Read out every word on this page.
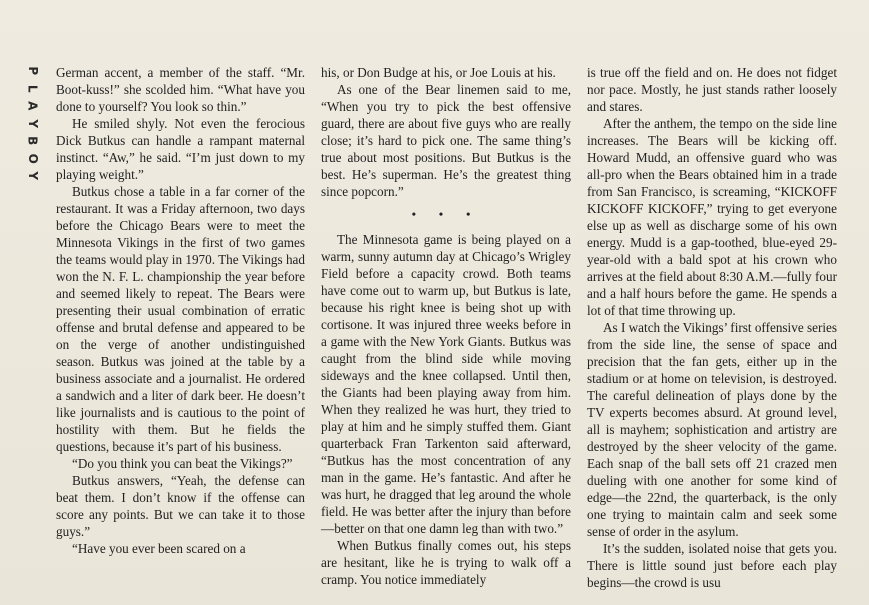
P
L
A
Y
B
O
Y

German accent, a member of the staff. “Mr. Boot-kuss!” she scolded him. “What have you done to yourself? You look so thin.”

He smiled shyly. Not even the ferocious Dick Butkus can handle a rampant maternal instinct. “Aw,” he said. “I’m just down to my playing weight.”

Butkus chose a table in a far corner of the restaurant. It was a Friday afternoon, two days before the Chicago Bears were to meet the Minnesota Vikings in the first of two games the teams would play in 1970. The Vikings had won the N. F. L. championship the year before and seemed likely to repeat. The Bears were presenting their usual combination of erratic offense and brutal defense and appeared to be on the verge of another undistinguished season. Butkus was joined at the table by a business associate and a journalist. He ordered a sandwich and a liter of dark beer. He doesn’t like journalists and is cautious to the point of hostility with them. But he fields the questions, because it’s part of his business.

“Do you think you can beat the Vikings?”

Butkus answers, “Yeah, the defense can beat them. I don’t know if the offense can score any points. But we can take it to those guys.”

“Have you ever been scared on a

his, or Don Budge at his, or Joe Louis at his.

As one of the Bear linemen said to me, “When you try to pick the best offensive guard, there are about five guys who are really close; it’s hard to pick one. The same thing’s true about most positions. But Butkus is the best. He’s superman. He’s the greatest thing since popcorn.”

• • •

The Minnesota game is being played on a warm, sunny autumn day at Chicago’s Wrigley Field before a capacity crowd. Both teams have come out to warm up, but Butkus is late, because his right knee is being shot up with cortisone. It was injured three weeks before in a game with the New York Giants. Butkus was caught from the blind side while moving sideways and the knee collapsed. Until then, the Giants had been playing away from him. When they realized he was hurt, they tried to play at him and he simply stuffed them. Giant quarterback Fran Tarkenton said afterward, “Butkus has the most concentration of any man in the game. He’s fantastic. And after he was hurt, he dragged that leg around the whole field. He was better after the injury than before—better on that one damn leg than with two.”

When Butkus finally comes out, his steps are hesitant, like he is trying to walk off a cramp. You notice immediately

is true off the field and on. He does not fidget nor pace. Mostly, he just stands rather loosely and stares.

After the anthem, the tempo on the side line increases. The Bears will be kicking off. Howard Mudd, an offensive guard who was all-pro when the Bears obtained him in a trade from San Francisco, is screaming, “KICKOFF KICKOFF KICKOFF,” trying to get everyone else up as well as discharge some of his own energy. Mudd is a gap-toothed, blue-eyed 29-year-old with a bald spot at his crown who arrives at the field about 8:30 A.M.—fully four and a half hours before the game. He spends a lot of that time throwing up.

As I watch the Vikings’ first offensive series from the side line, the sense of space and precision that the fan gets, either up in the stadium or at home on television, is destroyed. The careful delineation of plays done by the TV experts becomes absurd. At ground level, all is mayhem; sophistication and artistry are destroyed by the sheer velocity of the game. Each snap of the ball sets off 21 crazed men dueling with one another for some kind of edge—the 22nd, the quarterback, is the only one trying to maintain calm and seek some sense of order in the asylum.

It’s the sudden, isolated noise that gets you. There is little sound just before each play begins—the crowd is usu
